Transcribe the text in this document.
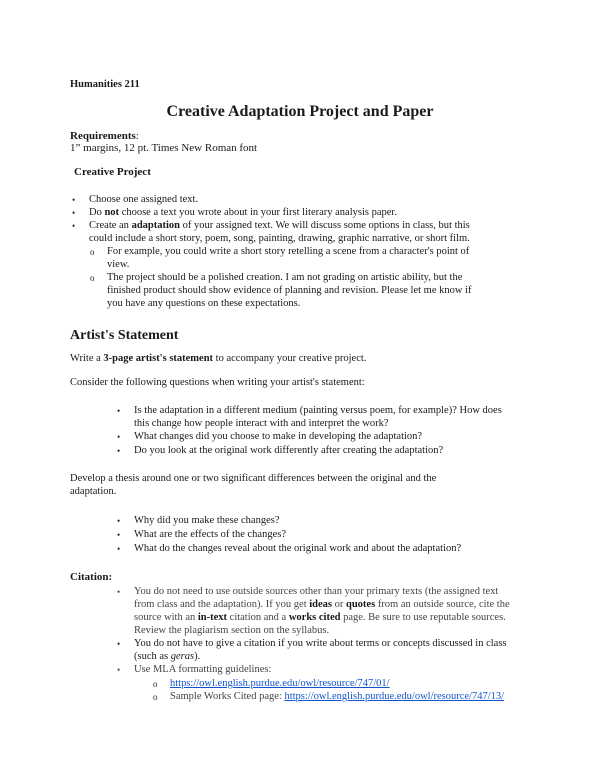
Humanities 211
Creative Adaptation Project and Paper
Requirements:
1” margins, 12 pt. Times New Roman font
Creative Project
• Choose one assigned text.
• Do not choose a text you wrote about in your first literary analysis paper.
• Create an adaptation of your assigned text. We will discuss some options in class, but this
could include a short story, poem, song, painting, drawing, graphic narrative, or short film.
o For example, you could write a short story retelling a scene from a character's point of
view.
o The project should be a polished creation. I am not grading on artistic ability, but the
finished product should show evidence of planning and revision. Please let me know if
you have any questions on these expectations.
Artist's Statement
Write a 3-page artist's statement to accompany your creative project.
Consider the following questions when writing your artist's statement:
• Is the adaptation in a different medium (painting versus poem, for example)? How does
this change how people interact with and interpret the work?
• What changes did you choose to make in developing the adaptation?
• Do you look at the original work differently after creating the adaptation?
Develop a thesis around one or two significant differences between the original and the
adaptation.
• Why did you make these changes?
• What are the effects of the changes?
• What do the changes reveal about the original work and about the adaptation?
Citation:
• You do not need to use outside sources other than your primary texts (the assigned text
from class and the adaptation). If you get ideas or quotes from an outside source, cite the
source with an in-text citation and a works cited page. Be sure to use reputable sources.
Review the plagiarism section on the syllabus.
• You do not have to give a citation if you write about terms or concepts discussed in class
(such as geras).
• Use MLA formatting guidelines:
o https://owl.english.purdue.edu/owl/resource/747/01/
o Sample Works Cited page: https://owl.english.purdue.edu/owl/resource/747/13/
